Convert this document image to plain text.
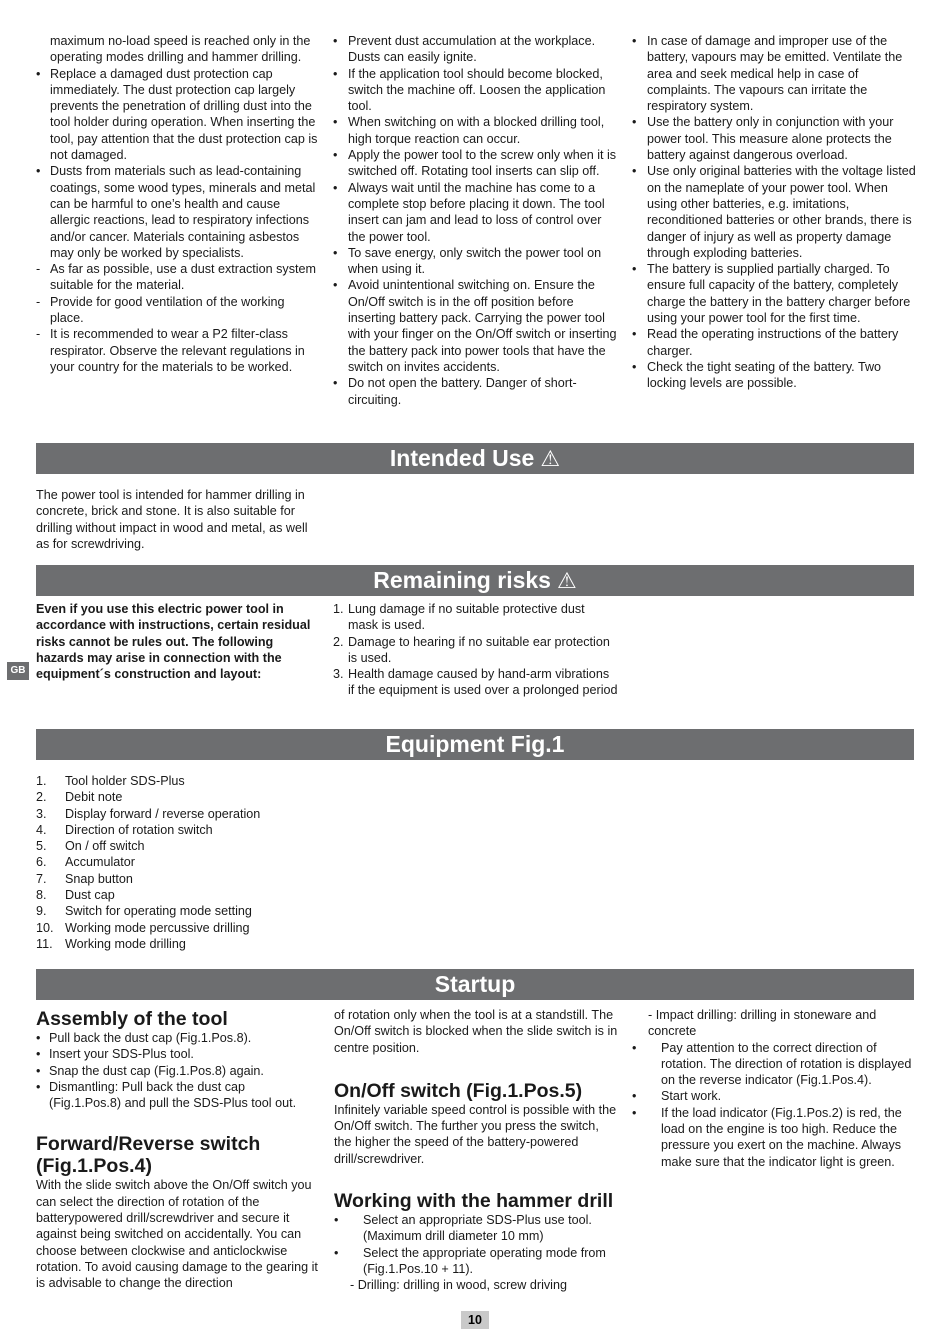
maximum no-load speed is reached only in the operating modes drilling and hammer drilling.
• Replace a damaged dust protection cap immediately. The dust protection cap largely prevents the penetration of drilling dust into the tool holder during operation. When inserting the tool, pay attention that the dust protection cap is not damaged.
• Dusts from materials such as lead-containing coatings, some wood types, minerals and metal can be harmful to one’s health and cause allergic reactions, lead to respiratory infections and/or cancer. Materials containing asbestos may only be worked by specialists.
- As far as possible, use a dust extraction system suitable for the material.
- Provide for good ventilation of the working place.
- It is recommended to wear a P2 filter-class respirator. Observe the relevant regulations in your country for the materials to be worked.
• Prevent dust accumulation at the workplace. Dusts can easily ignite.
• If the application tool should become blocked, switch the machine off. Loosen the application tool.
• When switching on with a blocked drilling tool, high torque reaction can occur.
• Apply the power tool to the screw only when it is switched off. Rotating tool inserts can slip off.
• Always wait until the machine has come to a complete stop before placing it down. The tool insert can jam and lead to loss of control over the power tool.
• To save energy, only switch the power tool on when using it.
• Avoid unintentional switching on. Ensure the On/Off switch is in the off position before inserting battery pack. Carrying the power tool with your finger on the On/Off switch or inserting the battery pack into power tools that have the switch on invites accidents.
• Do not open the battery. Danger of short-circuiting.
• In case of damage and improper use of the battery, vapours may be emitted. Ventilate the area and seek medical help in case of complaints. The vapours can irritate the respiratory system.
• Use the battery only in conjunction with your power tool. This measure alone protects the battery against dangerous overload.
• Use only original batteries with the voltage listed on the nameplate of your power tool. When using other batteries, e.g. imitations, reconditioned batteries or other brands, there is danger of injury as well as property damage through exploding batteries.
• The battery is supplied partially charged. To ensure full capacity of the battery, completely charge the battery in the battery charger before using your power tool for the first time.
• Read the operating instructions of the battery charger.
• Check the tight seating of the battery. Two locking levels are possible.
Intended Use ⚠
The power tool is intended for hammer drilling in concrete, brick and stone. It is also suitable for drilling without impact in wood and metal, as well as for screwdriving.
Remaining risks ⚠
Even if you use this electric power tool in accordance with instructions, certain residual risks cannot be rules out. The following hazards may arise in connection with the equipment´s construction and layout:
GB
1. Lung damage if no suitable protective dust mask is used.
2. Damage to hearing if no suitable ear protection is used.
3. Health damage caused by hand-arm vibrations if the equipment is used over a prolonged period
Equipment Fig.1
1. Tool holder SDS-Plus
2. Debit note
3. Display forward / reverse operation
4. Direction of rotation switch
5. On / off switch
6. Accumulator
7. Snap button
8. Dust cap
9. Switch for operating mode setting
10. Working mode percussive drilling
11. Working mode drilling
Startup
Assembly of the tool
• Pull back the dust cap (Fig.1.Pos.8).
• Insert your SDS-Plus tool.
• Snap the dust cap (Fig.1.Pos.8) again.
• Dismantling: Pull back the dust cap (Fig.1.Pos.8) and pull the SDS-Plus tool out.
Forward/Reverse switch (Fig.1.Pos.4)
With the slide switch above the On/Off switch you can select the direction of rotation of the batterypowered drill/screwdriver and secure it against being switched on accidentally. You can choose between clockwise and anticlockwise rotation. To avoid causing damage to the gearing it is advisable to change the direction
of rotation only when the tool is at a standstill. The On/Off switch is blocked when the slide switch is in centre position.
On/Off switch (Fig.1.Pos.5)
Infinitely variable speed control is possible with the On/Off switch. The further you press the switch, the higher the speed of the battery-powered drill/screwdriver.
Working with the hammer drill
• Select an appropriate SDS-Plus use tool. (Maximum drill diameter 10 mm)
• Select the appropriate operating mode from (Fig.1.Pos.10 + 11).
- Drilling: drilling in wood, screw driving
- Impact drilling: drilling in stoneware and concrete
• Pay attention to the correct direction of rotation. The direction of rotation is displayed on the reverse indicator (Fig.1.Pos.4).
• Start work.
• If the load indicator (Fig.1.Pos.2) is red, the load on the engine is too high. Reduce the pressure you exert on the machine. Always make sure that the indicator light is green.
10
